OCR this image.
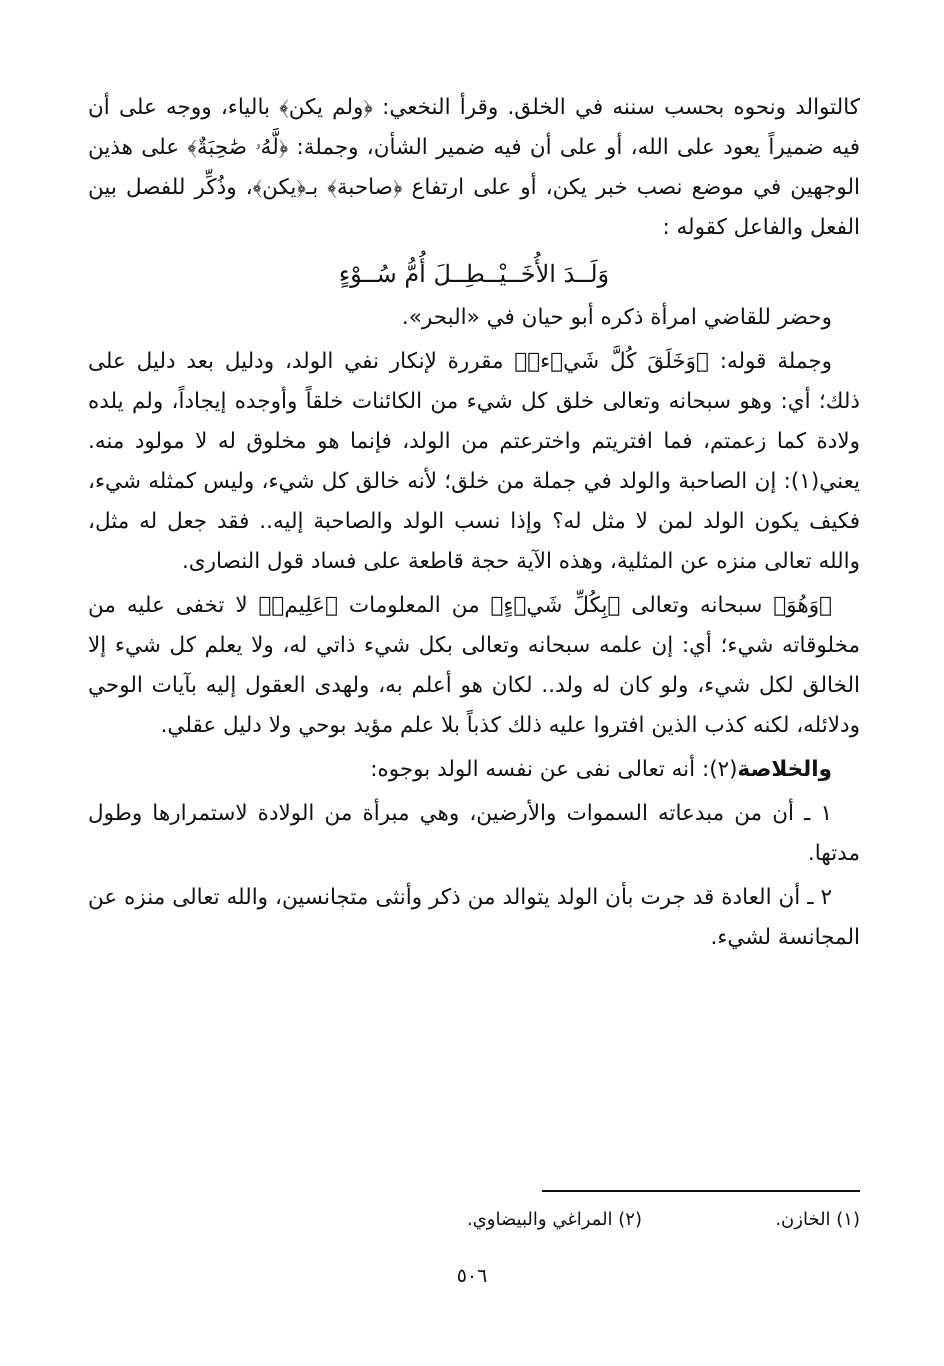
كالتوالد ونحوه بحسب سننه في الخلق. وقرأ النخعي: ﴿ولم يكن﴾ بالياء، ووجه على أن فيه ضميراً يعود على الله، أو على أن فيه ضمير الشأن، وجملة: ﴿لَّهُۥ صَٰحِبَةٌ﴾ على هذين الوجهين في موضع نصب خبر يكن، أو على ارتفاع ﴿صاحبة﴾ بـ﴿يكن﴾، وذُكِّر للفصل بين الفعل والفاعل كقوله :

وَلَــدَ الأُخَــيْــطِــلَ أُمُّ سُــوْءٍ

وحضر للقاضي امرأة ذكره أبو حيان في «البحر».

وجملة قوله: ﴿وَخَلَقَ كُلَّ شَيۡءٖ﴾ مقررة لإنكار نفي الولد، ودليل بعد دليل على ذلك؛ أي: وهو سبحانه وتعالى خلق كل شيء من الكائنات خلقاً وأوجده إيجاداً، ولم يلده ولادة كما زعمتم، فما افتريتم واخترعتم من الولد، فإنما هو مخلوق له لا مولود منه. يعني(١): إن الصاحبة والولد في جملة من خلق؛ لأنه خالق كل شيء، وليس كمثله شيء، فكيف يكون الولد لمن لا مثل له؟ وإذا نسب الولد والصاحبة إليه.. فقد جعل له مثل، والله تعالى منزه عن المثلية، وهذه الآية حجة قاطعة على فساد قول النصارى.

﴿وَهُوَ﴾ سبحانه وتعالى ﴿بِكُلِّ شَيۡءٍ﴾ من المعلومات ﴿عَلِيمٞ﴾ لا تخفى عليه من مخلوقاته شيء؛ أي: إن علمه سبحانه وتعالى بكل شيء ذاتي له، ولا يعلم كل شيء إلا الخالق لكل شيء، ولو كان له ولد.. لكان هو أعلم به، ولهدى العقول إليه بآيات الوحي ودلائله، لكنه كذب الذين افتروا عليه ذلك كذباً بلا علم مؤيد بوحي ولا دليل عقلي.

والخلاصة(٢): أنه تعالى نفى عن نفسه الولد بوجوه:

١ ـ أن من مبدعاته السموات والأرضين، وهي مبرأة من الولادة لاستمرارها وطول مدتها.

٢ ـ أن العادة قد جرت بأن الولد يتوالد من ذكر وأنثى متجانسين، والله تعالى منزه عن المجانسة لشيء.

(١) الخازن.
(٢) المراغي والبيضاوي.
٥٠٦
